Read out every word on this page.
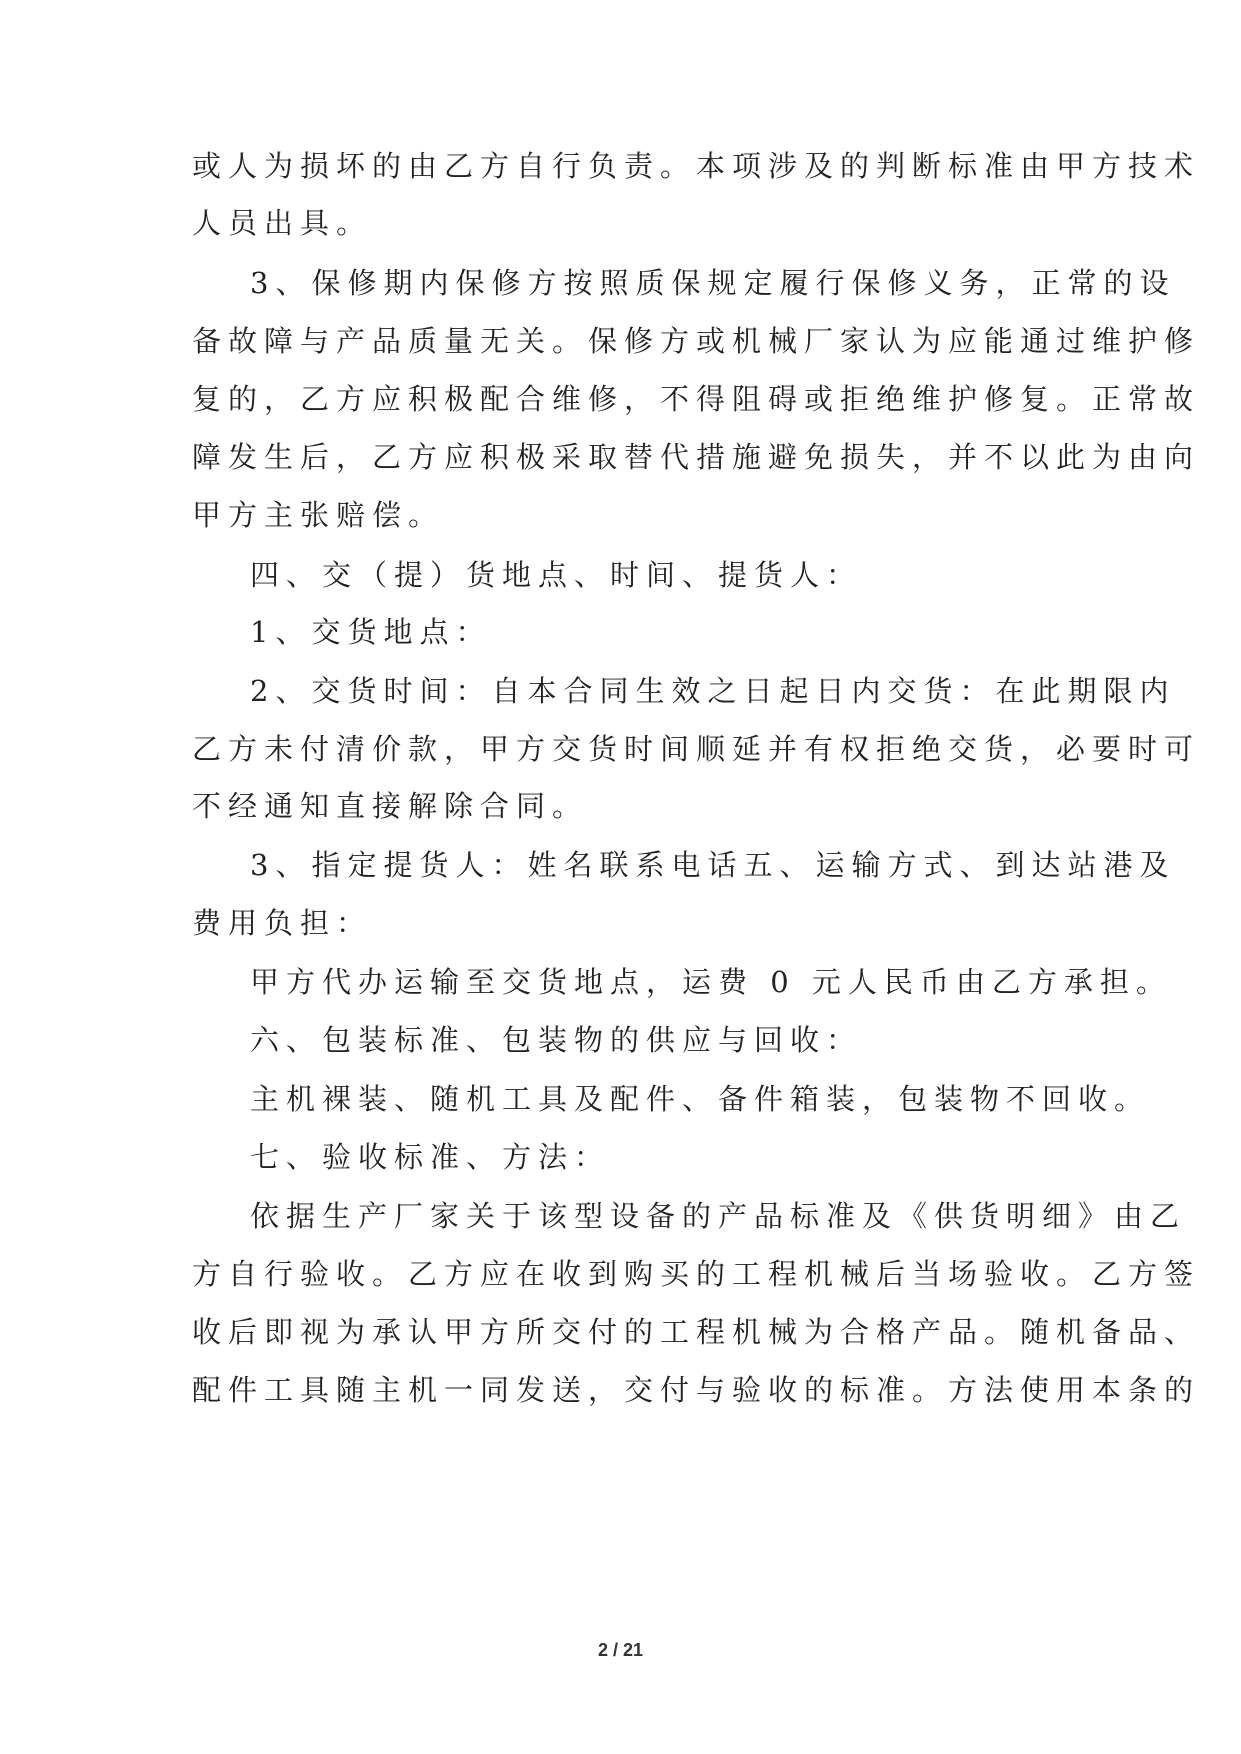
或人为损坏的由乙方自行负责。本项涉及的判断标准由甲方技术
人员出具。
3、保修期内保修方按照质保规定履行保修义务，正常的设
备故障与产品质量无关。保修方或机械厂家认为应能通过维护修
复的，乙方应积极配合维修，不得阻碍或拒绝维护修复。正常故
障发生后，乙方应积极采取替代措施避免损失，并不以此为由向
甲方主张赔偿。
四、交（提）货地点、时间、提货人：
1、交货地点：
2、交货时间：自本合同生效之日起日内交货：在此期限内
乙方未付清价款，甲方交货时间顺延并有权拒绝交货，必要时可
不经通知直接解除合同。
3、指定提货人：姓名联系电话五、运输方式、到达站港及
费用负担：
甲方代办运输至交货地点，运费 0 元人民币由乙方承担。
六、包装标准、包装物的供应与回收：
主机裸装、随机工具及配件、备件箱装，包装物不回收。
七、验收标准、方法：
依据生产厂家关于该型设备的产品标准及《供货明细》由乙
方自行验收。乙方应在收到购买的工程机械后当场验收。乙方签
收后即视为承认甲方所交付的工程机械为合格产品。随机备品、
配件工具随主机一同发送，交付与验收的标准。方法使用本条的
2 / 21
